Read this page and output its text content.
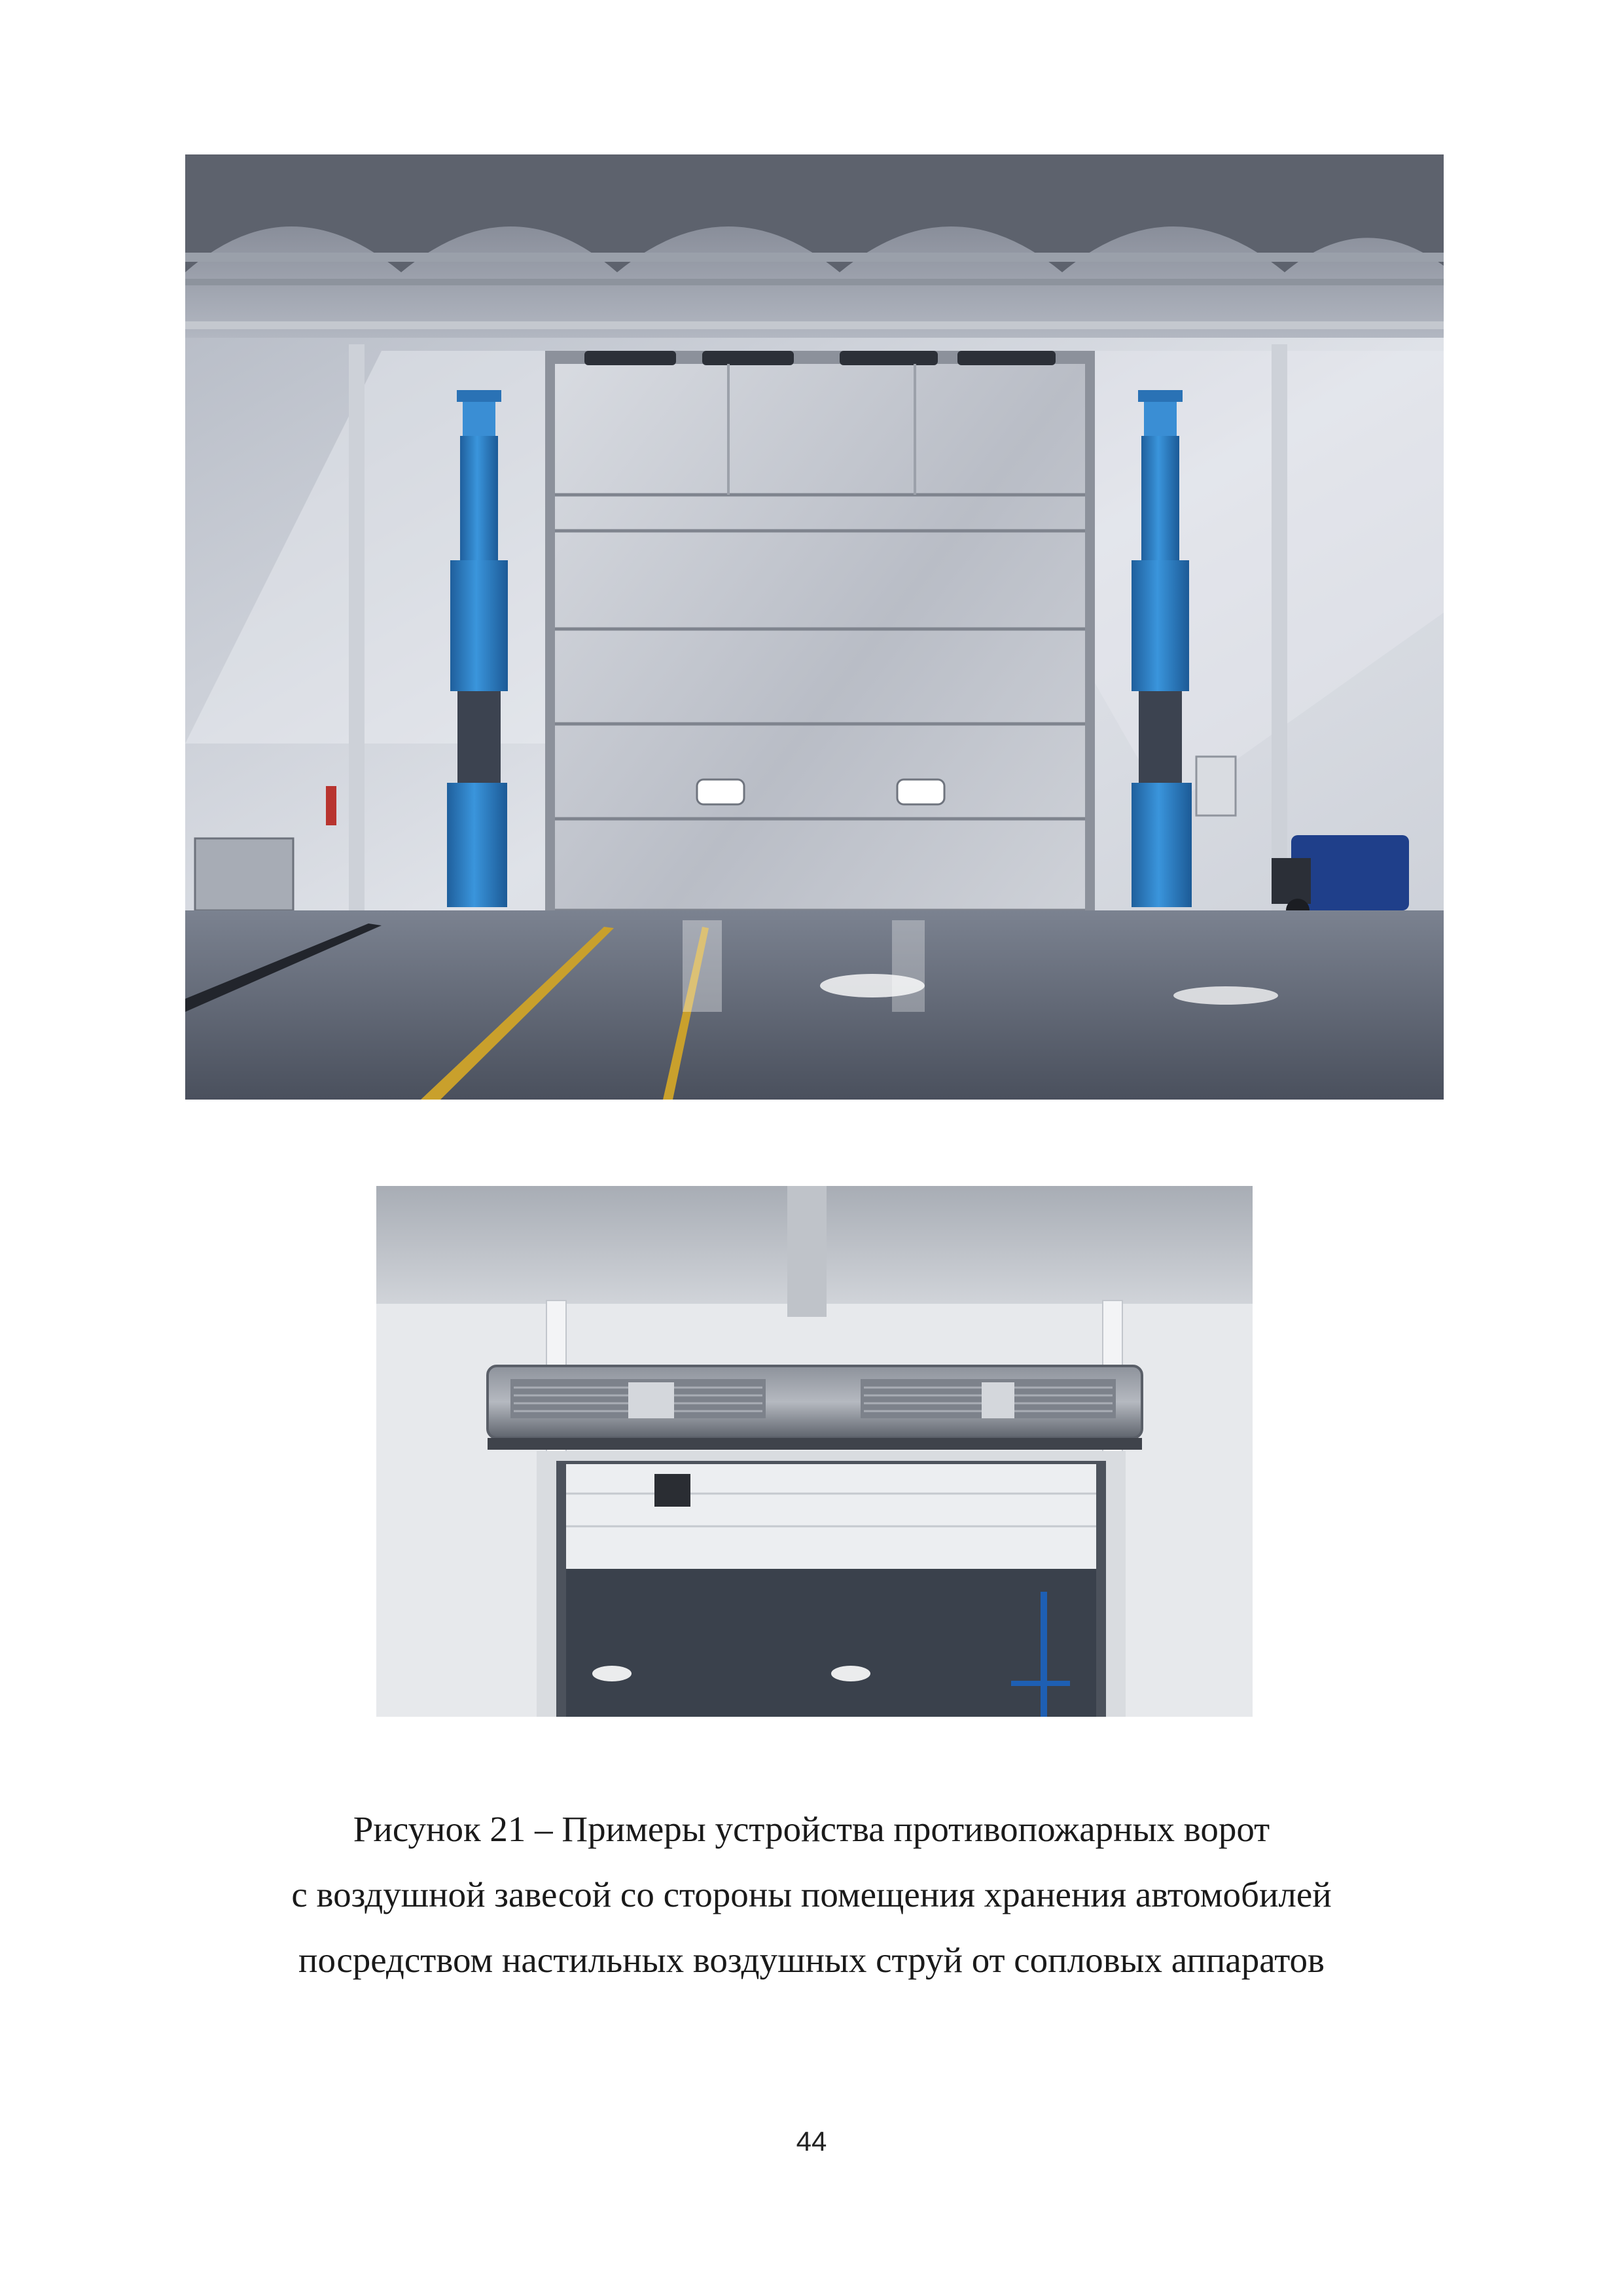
Рисунок 21 – Примеры устройства противопожарных ворот
с воздушной завесой со стороны помещения хранения автомобилей
посредством настильных воздушных струй от сопловых аппаратов
44
